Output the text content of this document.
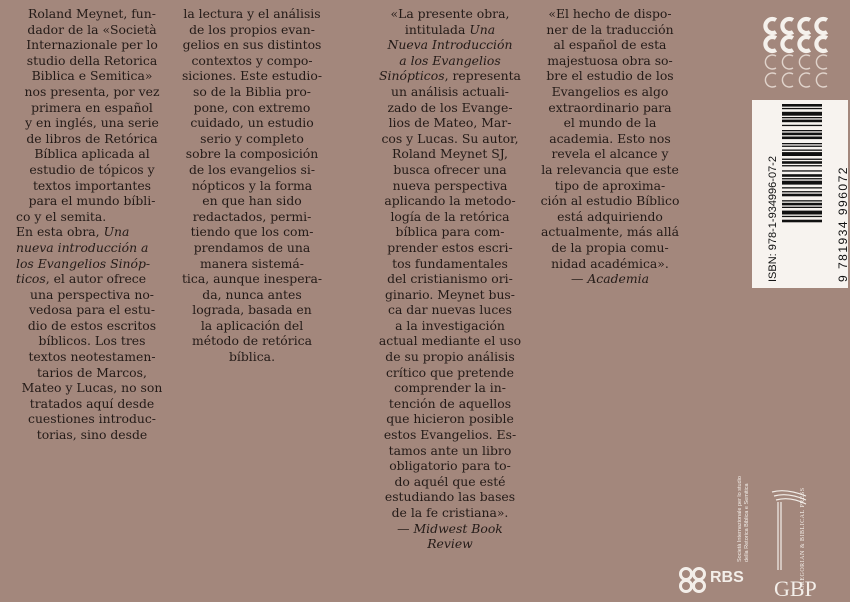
Roland Meynet, fun-
dador de la «Società
Internazionale per lo
studio della Retorica
Biblica e Semitica»
nos presenta, por vez
primera en español
y en inglés, una serie
de libros de Retórica
Bíblica aplicada al
estudio de tópicos y
textos importantes
para el mundo bíbli-
co y el semita.
En esta obra, Una
nueva introducción a
los Evangelios Sinóp-
ticos, el autor ofrece
una perspectiva no-
vedosa para el estu-
dio de estos escritos
bíblicos. Los tres
textos neotestamen-
tarios de Marcos,
Mateo y Lucas, no son
tratados aquí desde
cuestiones introduc-
torias, sino desde
la lectura y el análisis
de los propios evan-
gelios en sus distintos
contextos y compo-
siciones. Este estudio-
so de la Biblia pro-
pone, con extremo
cuidado, un estudio
serio y completo
sobre la composición
de los evangelios si-
nópticos y la forma
en que han sido
redactados, permi-
tiendo que los com-
prendamos de una
manera sistemá-
tica, aunque inespera-
da, nunca antes
lograda, basada en
la aplicación del
método de retórica
bíblica.
«La presente obra,
intitulada Una
Nueva Introducción
a los Evangelios
Sinópticos, representa
un análisis actuali-
zado de los Evange-
lios de Mateo, Mar-
cos y Lucas. Su autor,
Roland Meynet SJ,
busca ofrecer una
nueva perspectiva
aplicando la metodo-
logía de la retórica
bíblica para com-
prender estos escri-
tos fundamentales
del cristianismo ori-
ginario. Meynet bus-
ca dar nuevas luces
a la investigación
actual mediante el uso
de su propio análisis
crítico que pretende
comprender la in-
tención de aquellos
que hicieron posible
estos Evangelios. Es-
tamos ante un libro
obligatorio para to-
do aquél que esté
estudiando las bases
de la fe cristiana».
— Midwest Book
Review
«El hecho de dispo-
ner de la traducción
al español de esta
majestuosa obra so-
bre el estudio de los
Evangelios es algo
extraordinario para
el mundo de la
academia. Esto nos
revela el alcance y
la relevancia que este
tipo de aproxima-
ción al estudio Bíblico
está adquiriendo
actualmente, más allá
de la propia comu-
nidad académica».
— Academia	ISBN: 978-1-934996-07-2	9 781934 996072
RBS
Società Internazionale per lo studio della Retorica Biblica e Semitica	GREGORIAN & BIBLICAL PRESS
GBP
